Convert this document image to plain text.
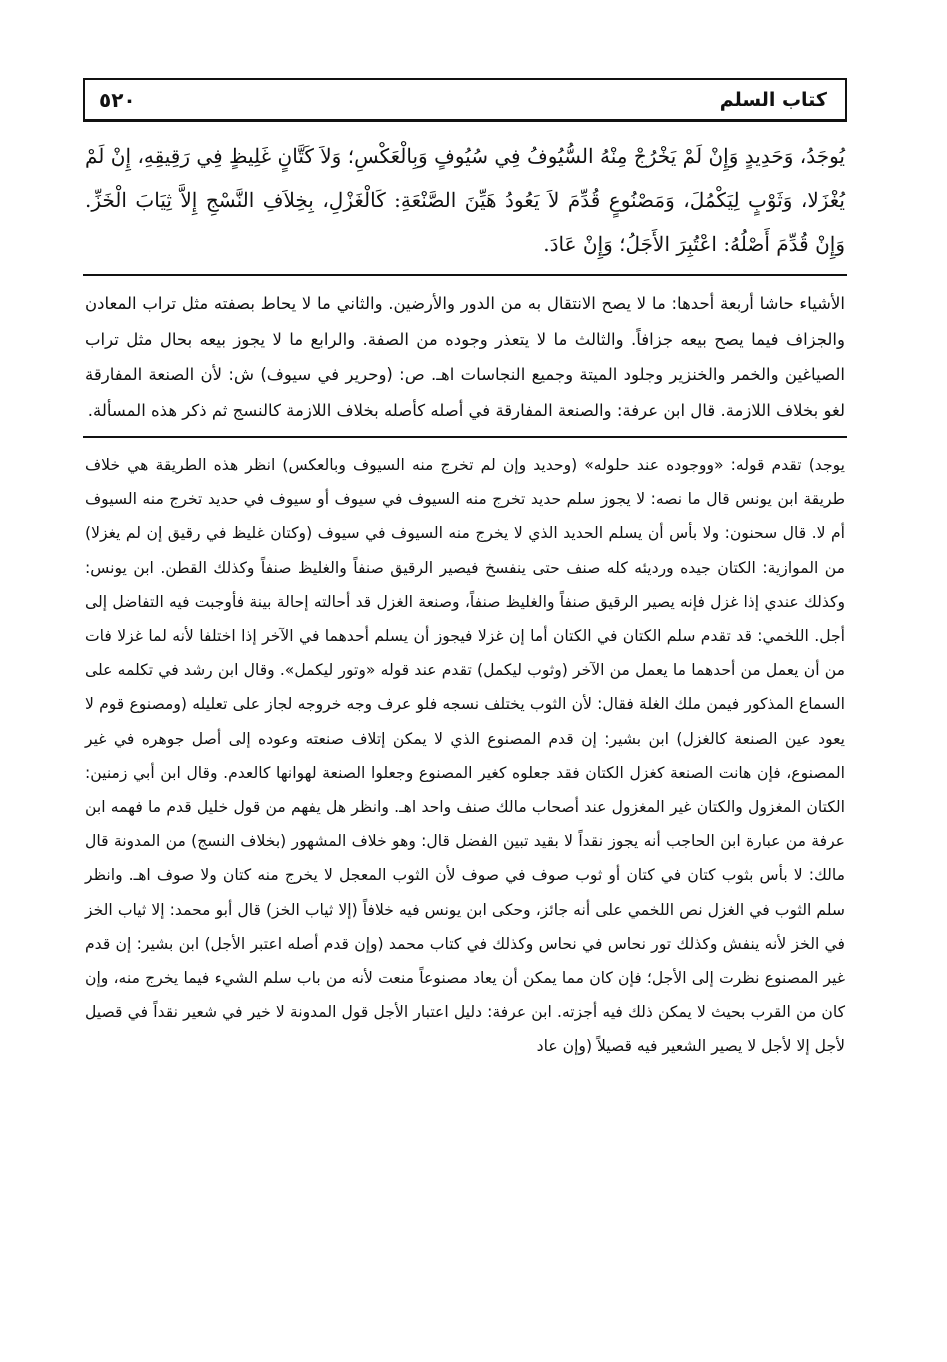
كتاب السلم
٥٢٠
يُوجَدُ، وَحَدِيدٍ وَإِنْ لَمْ يَخْرُجْ مِنْهُ السُّيُوفُ فِي سُيُوفٍ وَبِالْعَكْسِ؛ وَلاَ كَتَّانٍ غَلِيظٍ فِي رَقِيقِهِ، إِنْ لَمْ يُغْزَلا، وَثَوْبٍ لِيَكْمُلَ، وَمَصْنُوعٍ قُدِّمَ لاَ يَعُودُ هَيِّنَ الصَّنْعَةِ: كَالْغَزْلِ، بِخِلاَفِ النَّسْجِ إِلاَّ ثِيَابَ الْخَزِّ. وَإِنْ قُدِّمَ أَصْلُهُ: اعْتُبِرَ الأَجَلُ؛ وَإِنْ عَادَ.

الأشياء حاشا أربعة أحدها: ما لا يصح الانتقال به من الدور والأرضين. والثاني ما لا يحاط بصفته مثل تراب المعادن والجزاف فيما يصح بيعه جزافاً. والثالث ما لا يتعذر وجوده من الصفة. والرابع ما لا يجوز بيعه بحال مثل تراب الصياغين والخمر والخنزير وجلود الميتة وجميع النجاسات اهـ. ص: (وحرير في سيوف) ش: لأن الصنعة المفارقة لغو بخلاف اللازمة. قال ابن عرفة: والصنعة المفارقة في أصله كأصله بخلاف اللازمة كالنسج ثم ذكر هذه المسألة.

يوجد) تقدم قوله: «ووجوده عند حلوله» (وحديد وإن لم تخرج منه السيوف وبالعكس) انظر هذه الطريقة هي خلاف طريقة ابن يونس قال ما نصه: لا يجوز سلم حديد تخرج منه السيوف في سيوف أو سيوف في حديد تخرج منه السيوف أم لا. قال سحنون: ولا بأس أن يسلم الحديد الذي لا يخرج منه السيوف في سيوف (وكتان غليظ في رقيق إن لم يغزلا) من الموازية: الكتان جيده ورديئه كله صنف حتى ينفسخ فيصير الرقيق صنفاً والغليظ صنفاً وكذلك القطن. ابن يونس: وكذلك عندي إذا غزل فإنه يصير الرقيق صنفاً والغليظ صنفاً، وصنعة الغزل قد أحالته إحالة بينة فأوجبت فيه التفاضل إلى أجل. اللخمي: قد تقدم سلم الكتان في الكتان أما إن غزلا فيجوز أن يسلم أحدهما في الآخر إذا اختلفا لأنه لما غزلا فات من أن يعمل من أحدهما ما يعمل من الآخر (وثوب ليكمل) تقدم عند قوله «وتور ليكمل». وقال ابن رشد في تكلمه على السماع المذكور فيمن ملك الغلة فقال: لأن الثوب يختلف نسجه فلو عرف وجه خروجه لجاز على تعليله (ومصنوع قوم لا يعود عين الصنعة كالغزل) ابن بشير: إن قدم المصنوع الذي لا يمكن إتلاف صنعته وعوده إلى أصل جوهره في غير المصنوع، فإن هانت الصنعة كغزل الكتان فقد جعلوه كغير المصنوع وجعلوا الصنعة لهوانها كالعدم. وقال ابن أبي زمنين: الكتان المغزول والكتان غير المغزول عند أصحاب مالك صنف واحد اهـ. وانظر هل يفهم من قول خليل قدم ما فهمه ابن عرفة من عبارة ابن الحاجب أنه يجوز نقداً لا بقيد تبين الفضل قال: وهو خلاف المشهور (بخلاف النسج) من المدونة قال مالك: لا بأس بثوب كتان في كتان أو ثوب صوف في صوف لأن الثوب المعجل لا يخرج منه كتان ولا صوف اهـ. وانظر سلم الثوب في الغزل نص اللخمي على أنه جائز، وحكى ابن يونس فيه خلافاً (إلا ثياب الخز) قال أبو محمد: إلا ثياب الخز في الخز لأنه ينفش وكذلك تور نحاس في نحاس وكذلك في كتاب محمد (وإن قدم أصله اعتبر الأجل) ابن بشير: إن قدم غير المصنوع نظرت إلى الأجل؛ فإن كان مما يمكن أن يعاد مصنوعاً منعت لأنه من باب سلم الشيء فيما يخرج منه، وإن كان من القرب بحيث لا يمكن ذلك فيه أجزته. ابن عرفة: دليل اعتبار الأجل قول المدونة لا خير في شعير نقداً في قصيل لأجل إلا لأجل لا يصير الشعير فيه قصيلاً (وإن عاد
